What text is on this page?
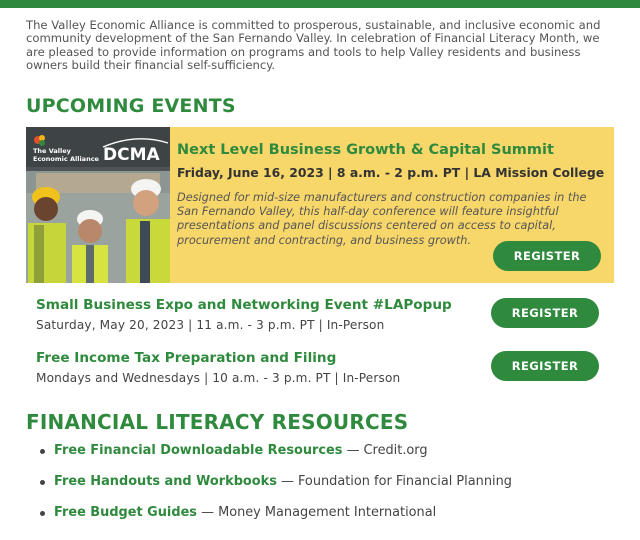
The Valley Economic Alliance is committed to prosperous, sustainable, and inclusive economic and community development of the San Fernando Valley. In celebration of Financial Literacy Month, we are pleased to provide information on programs and tools to help Valley residents and business owners build their financial self-sufficiency.

UPCOMING EVENTS
The Valley
Economic Alliance DCMA Next Level Business Growth & Capital Summit
Friday, June 16, 2023 | 8 a.m. - 2 p.m. PT | LA Mission College

Designed for mid-size manufacturers and construction companies in the San Fernando Valley, this half-day conference will feature insightful presentations and panel discussions centered on access to capital, procurement and contracting, and business growth.

REGISTER
Small Business Expo and Networking Event #LAPopup
Saturday, May 20, 2023 | 11 a.m. - 3 p.m. PT | In-Person
REGISTER
Free Income Tax Preparation and Filing
Mondays and Wednesdays | 10 a.m. - 3 p.m. PT | In-Person
REGISTER
FINANCIAL LITERACY RESOURCES
Free Financial Downloadable Resources — Credit.org
Free Handouts and Workbooks — Foundation for Financial Planning
Free Budget Guides — Money Management International
